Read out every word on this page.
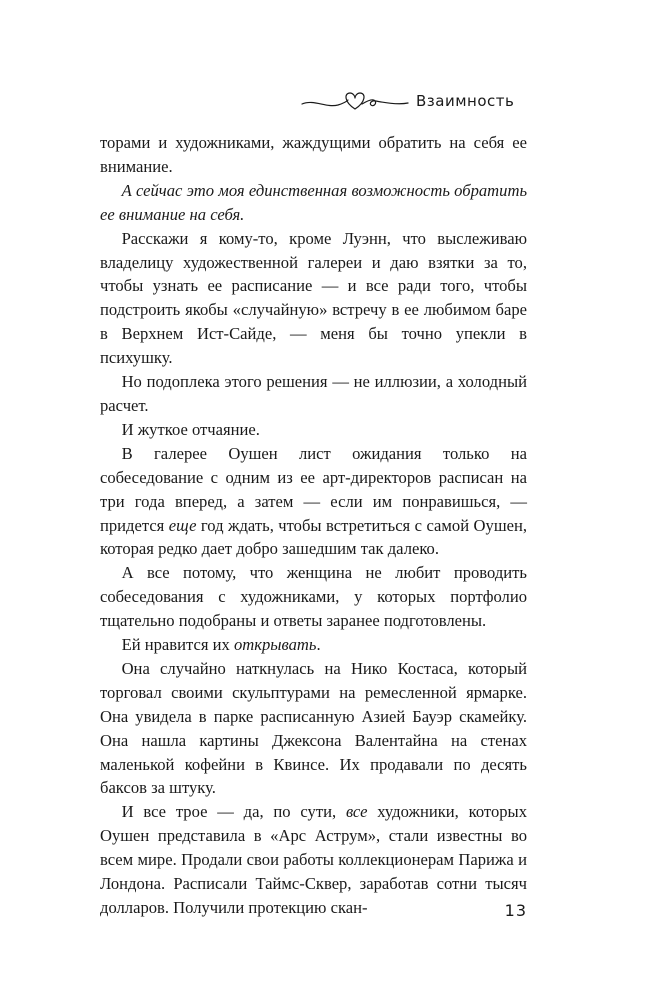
Взаимность

торами и художниками, жаждущими обратить на себя ее внимание.

А сейчас это моя единственная возможность обратить ее внимание на себя.

Расскажи я кому-то, кроме Луэнн, что выслеживаю владелицу художественной галереи и даю взятки за то, чтобы узнать ее расписание — и все ради того, чтобы подстроить якобы «случайную» встречу в ее любимом баре в Верхнем Ист-Сайде, — меня бы точно упекли в психушку.

Но подоплека этого решения — не иллюзии, а холодный расчет.

И жуткое отчаяние.

В галерее Оушен лист ожидания только на собеседование с одним из ее арт-директоров расписан на три года вперед, а затем — если им понравишься, — придется еще год ждать, чтобы встретиться с самой Оушен, которая редко дает добро зашедшим так далеко.

А все потому, что женщина не любит проводить собеседования с художниками, у которых портфолио тщательно подобраны и ответы заранее подготовлены.

Ей нравится их открывать.

Она случайно наткнулась на Нико Костаса, который торговал своими скульптурами на ремесленной ярмарке. Она увидела в парке расписанную Азией Бауэр скамейку. Она нашла картины Джексона Валентайна на стенах маленькой кофейни в Квинсе. Их продавали по десять баксов за штуку.

И все трое — да, по сути, все художники, которых Оушен представила в «Арс Аструм», стали известны во всем мире. Продали свои работы коллекционерам Парижа и Лондона. Расписали Таймс-Сквер, заработав сотни тысяч долларов. Получили протекцию скан-	13
